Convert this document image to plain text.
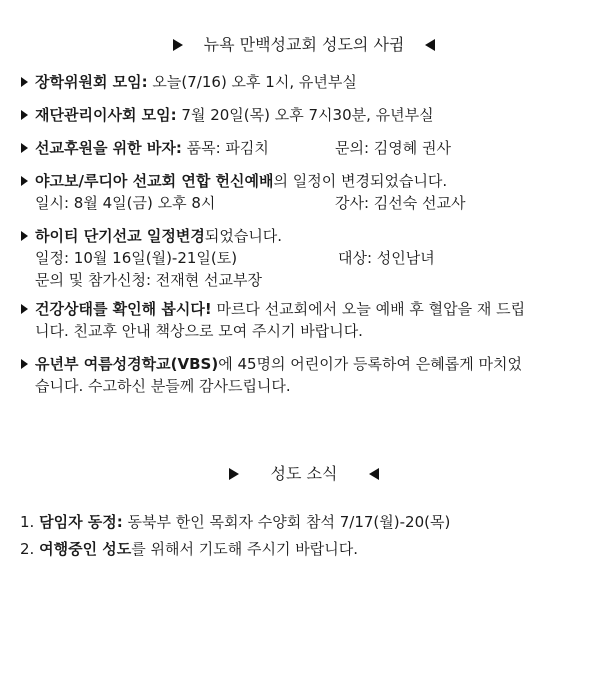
뉴욕 만백성교회 성도의 사귐
장학위원회 모임: 오늘(7/16) 오후 1시, 유년부실
재단관리이사회 모임: 7월 20일(목) 오후 7시30분, 유년부실
선교후원을 위한 바자: 품목: 파김치	문의: 김영혜 권사
야고보/루디아 선교회 연합 헌신예배의 일정이 변경되었습니다.
일시: 8월 4일(금) 오후 8시	강사: 김선숙 선교사
하이티 단기선교 일정변경되었습니다.
일정: 10월 16일(월)-21일(토)	대상: 성인남녀
문의 및 참가신청: 전재현 선교부장
건강상태를 확인해 봅시다! 마르다 선교회에서 오늘 예배 후 혈압을 재 드립
니다. 친교후 안내 책상으로 모여 주시기 바랍니다.
유년부 여름성경학교(VBS)에 45명의 어린이가 등록하여 은혜롭게 마치었
습니다. 수고하신 분들께 감사드립니다.
성도 소식
1. 담임자 동정: 동북부 한인 목회자 수양회 참석 7/17(월)-20(목)
2. 여행중인 성도를 위해서 기도해 주시기 바랍니다.
